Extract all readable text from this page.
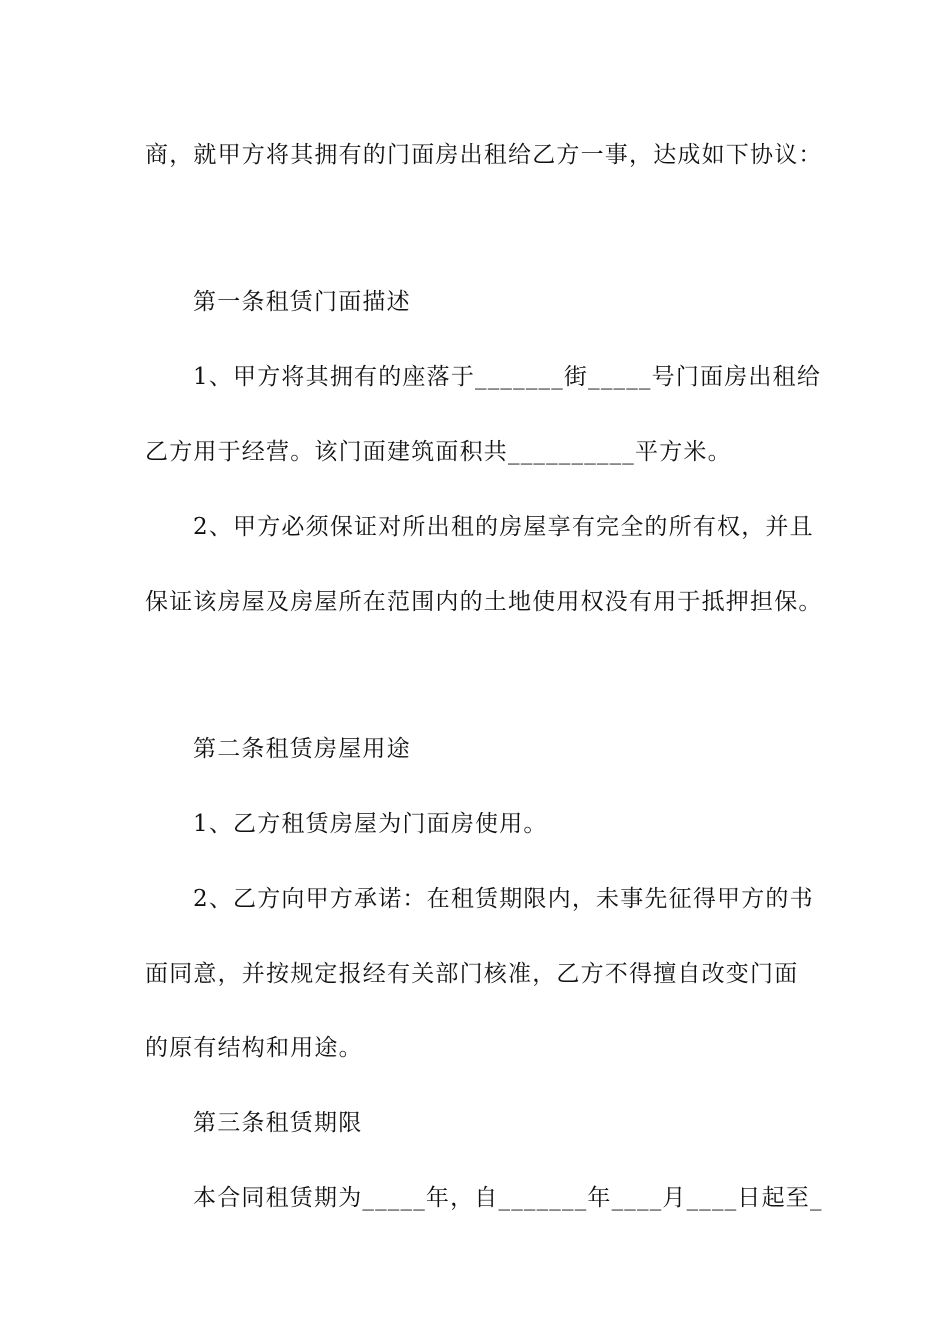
商，就甲方将其拥有的门面房出租给乙方一事，达成如下协议：
第一条租赁门面描述
1、甲方将其拥有的座落于_______街_____号门面房出租给
乙方用于经营。该门面建筑面积共__________平方米。
2、甲方必须保证对所出租的房屋享有完全的所有权，并且
保证该房屋及房屋所在范围内的土地使用权没有用于抵押担保。
第二条租赁房屋用途
1、乙方租赁房屋为门面房使用。
2、乙方向甲方承诺：在租赁期限内，未事先征得甲方的书
面同意，并按规定报经有关部门核准，乙方不得擅自改变门面
的原有结构和用途。
第三条租赁期限
本合同租赁期为_____年，自_______年____月____日起至_
